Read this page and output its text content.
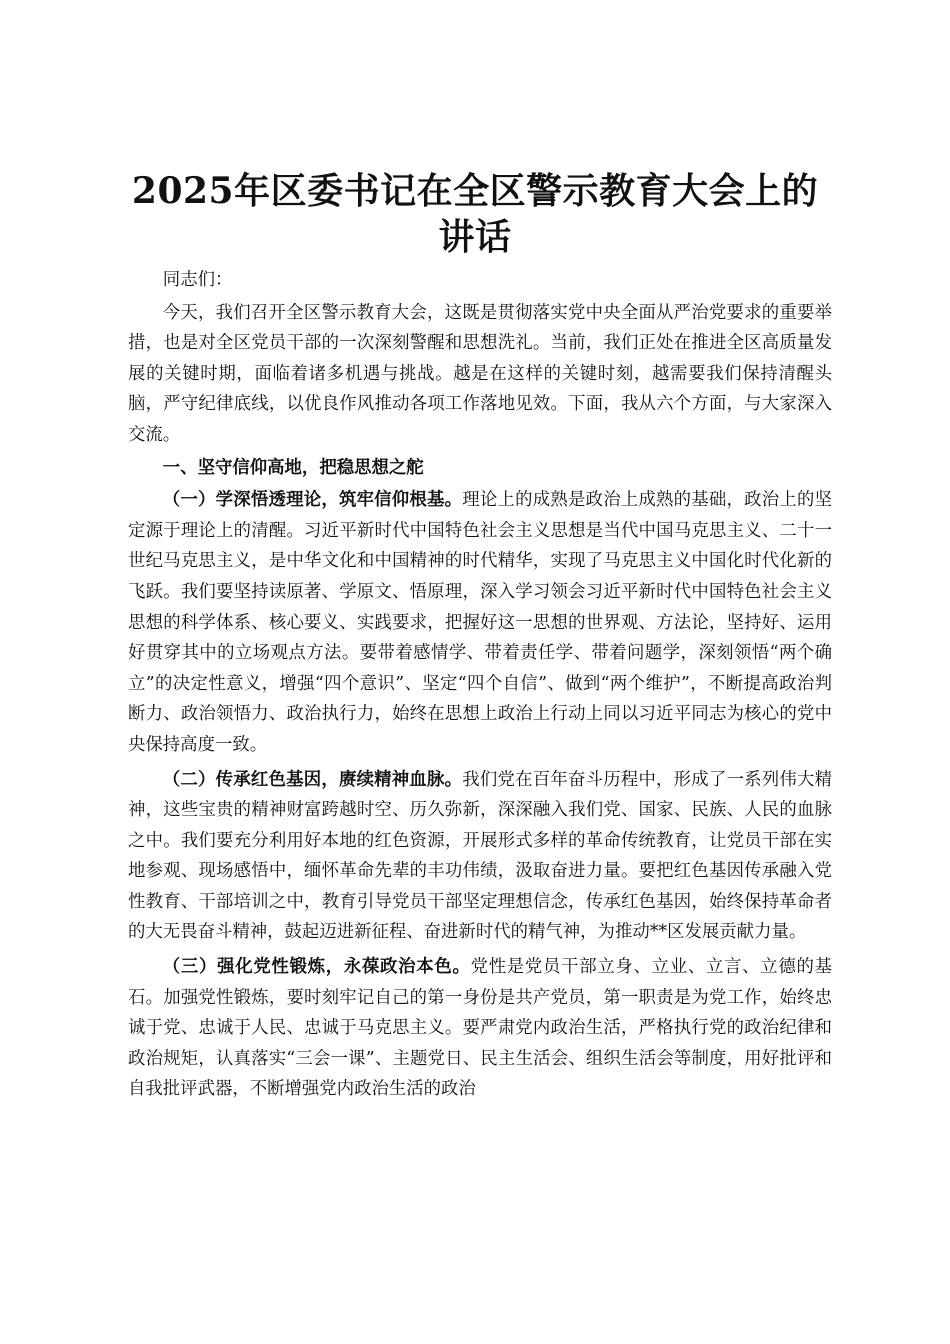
2025年区委书记在全区警示教育大会上的讲话

同志们：

今天，我们召开全区警示教育大会，这既是贯彻落实党中央全面从严治党要求的重要举措，也是对全区党员干部的一次深刻警醒和思想洗礼。当前，我们正处在推进全区高质量发展的关键时期，面临着诸多机遇与挑战。越是在这样的关键时刻，越需要我们保持清醒头脑，严守纪律底线，以优良作风推动各项工作落地见效。下面，我从六个方面，与大家深入交流。

一、坚守信仰高地，把稳思想之舵

（一）学深悟透理论，筑牢信仰根基。理论上的成熟是政治上成熟的基础，政治上的坚定源于理论上的清醒。习近平新时代中国特色社会主义思想是当代中国马克思主义、二十一世纪马克思主义，是中华文化和中国精神的时代精华，实现了马克思主义中国化时代化新的飞跃。我们要坚持读原著、学原文、悟原理，深入学习领会习近平新时代中国特色社会主义思想的科学体系、核心要义、实践要求，把握好这一思想的世界观、方法论，坚持好、运用好贯穿其中的立场观点方法。要带着感情学、带着责任学、带着问题学，深刻领悟“两个确立”的决定性意义，增强“四个意识”、坚定“四个自信”、做到“两个维护”，不断提高政治判断力、政治领悟力、政治执行力，始终在思想上政治上行动上同以习近平同志为核心的党中央保持高度一致。

（二）传承红色基因，赓续精神血脉。我们党在百年奋斗历程中，形成了一系列伟大精神，这些宝贵的精神财富跨越时空、历久弥新，深深融入我们党、国家、民族、人民的血脉之中。我们要充分利用好本地的红色资源，开展形式多样的革命传统教育，让党员干部在实地参观、现场感悟中，缅怀革命先辈的丰功伟绩，汲取奋进力量。要把红色基因传承融入党性教育、干部培训之中，教育引导党员干部坚定理想信念，传承红色基因，始终保持革命者的大无畏奋斗精神，鼓起迈进新征程、奋进新时代的精气神，为推动**区发展贡献力量。

（三）强化党性锻炼，永葆政治本色。党性是党员干部立身、立业、立言、立德的基石。加强党性锻炼，要时刻牢记自己的第一身份是共产党员，第一职责是为党工作，始终忠诚于党、忠诚于人民、忠诚于马克思主义。要严肃党内政治生活，严格执行党的政治纪律和政治规矩，认真落实“三会一课”、主题党日、民主生活会、组织生活会等制度，用好批评和自我批评武器，不断增强党内政治生活的政治
